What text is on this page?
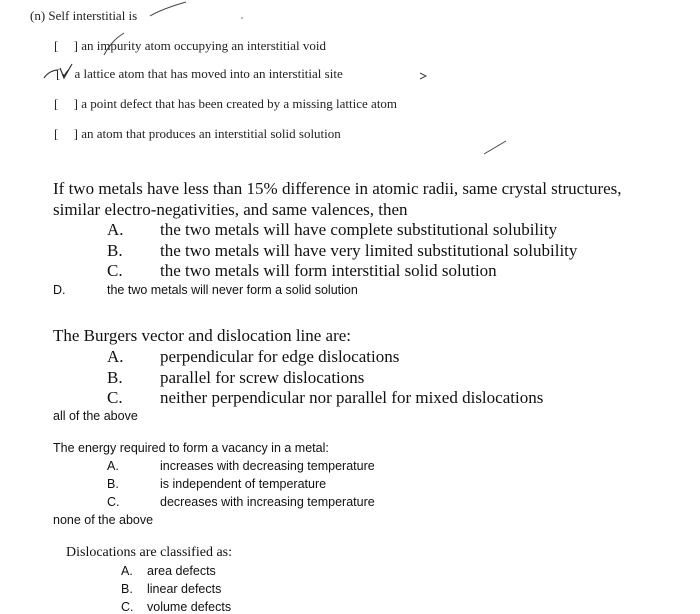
(n) Self interstitial is
[ ] an impurity atom occupying an interstitial void
[✓ a lattice atom that has moved into an interstitial site
[ ] a point defect that has been created by a missing lattice atom
[ ] an atom that produces an interstitial solid solution
If two metals have less than 15% difference in atomic radii, same crystal structures,
similar electro-negativities, and same valences, then
A. the two metals will have complete substitutional solubility
B. the two metals will have very limited substitutional solubility
C. the two metals will form interstitial solid solution
D.	the two metals will never form a solid solution
The Burgers vector and dislocation line are:
A. perpendicular for edge dislocations
B. parallel for screw dislocations
C. neither perpendicular nor parallel for mixed dislocations
all of the above
The energy required to form a vacancy in a metal:
A.	increases with decreasing temperature
B.	is independent of temperature
C.	decreases with increasing temperature
none of the above
Dislocations are classified as:
A. area defects
B. linear defects
C. volume defects
